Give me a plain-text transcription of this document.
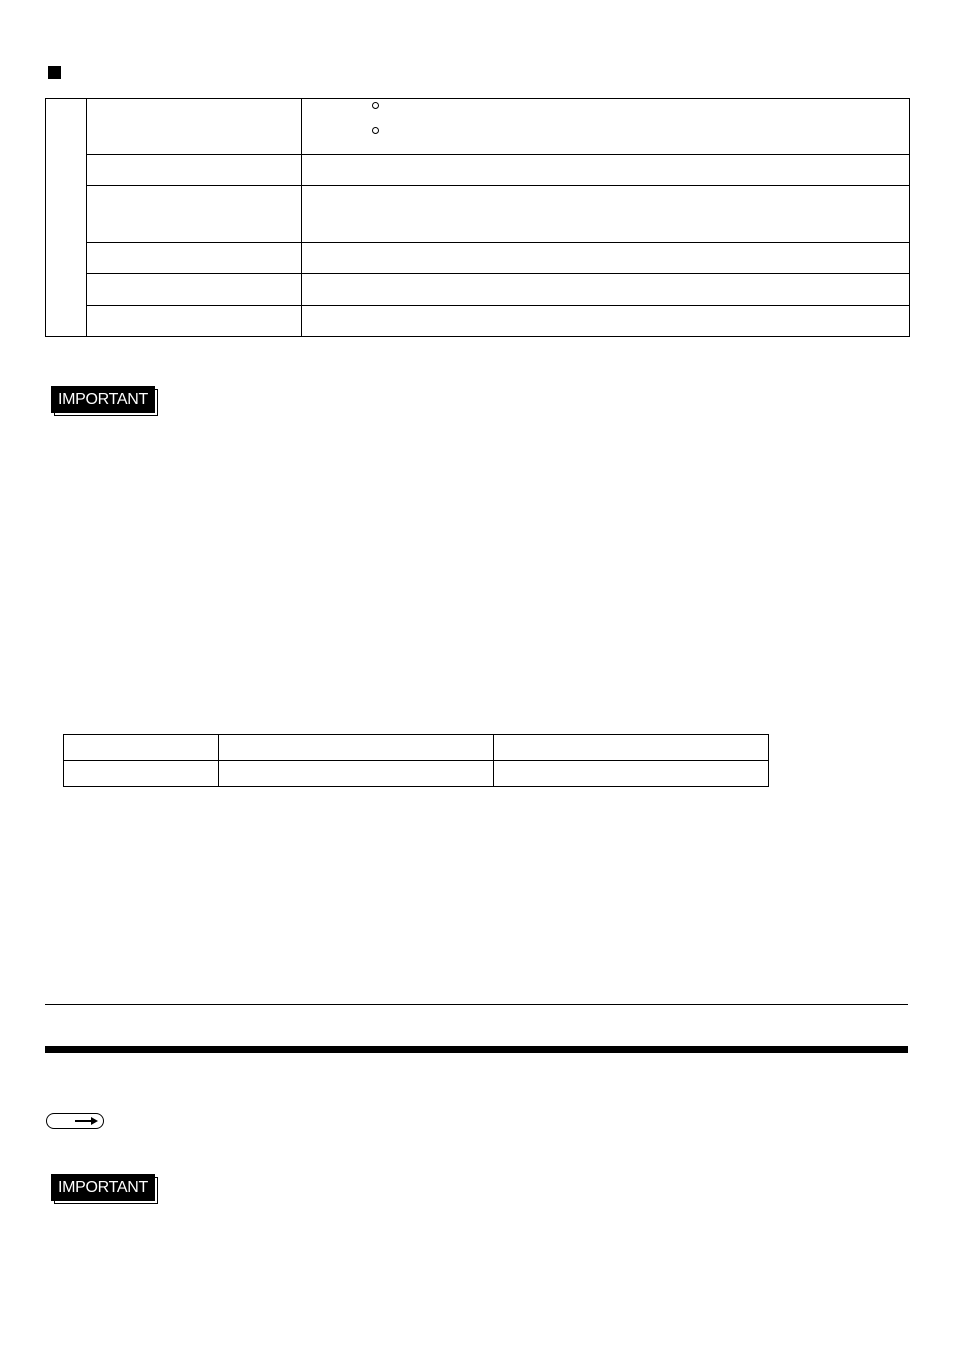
IMPORTANT

IMPORTANT
